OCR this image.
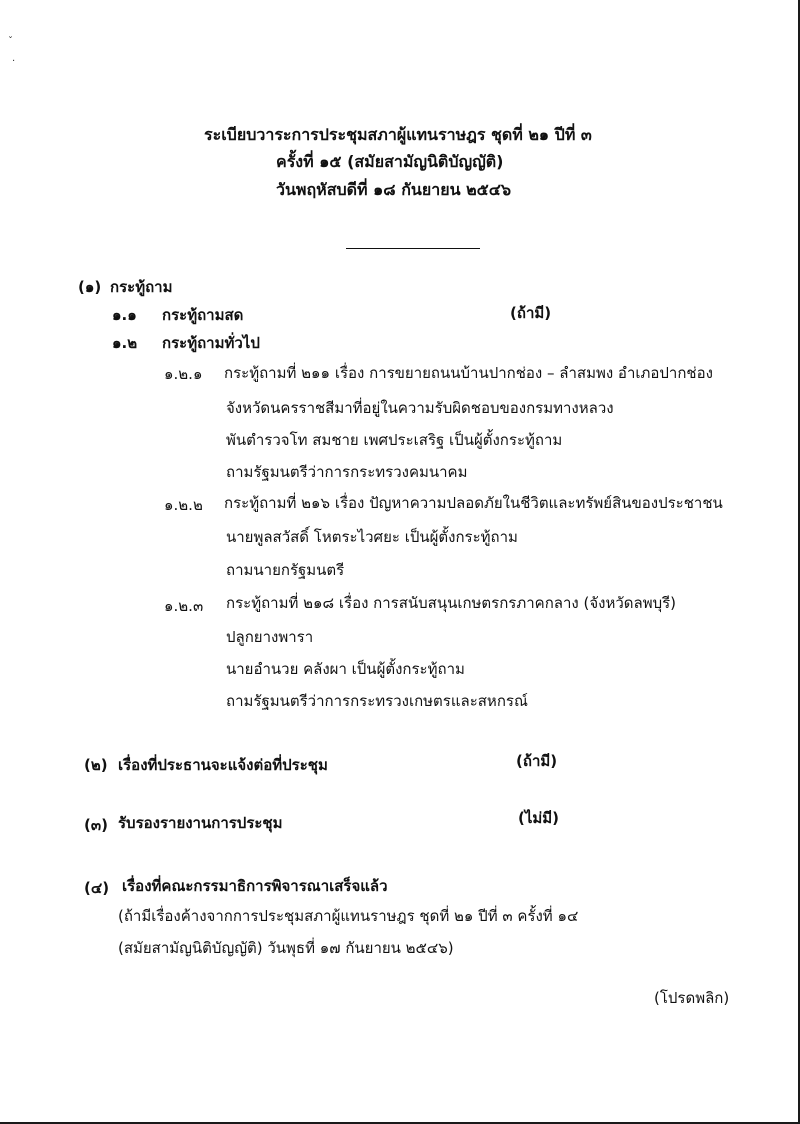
ˇ
·
ระเบียบวาระการประชุมสภาผู้แทนราษฎร ชุดที่ ๒๑ ปีที่ ๓
ครั้งที่ ๑๕ (สมัยสามัญนิติบัญญัติ)
วันพฤหัสบดีที่ ๑๘ กันยายน ๒๕๔๖
(๑) กระทู้ถาม
๑.๑ กระทู้ถามสด	(ถ้ามี)
๑.๒ กระทู้ถามทั่วไป
๑.๒.๑ กระทู้ถามที่ ๒๑๑ เรื่อง การขยายถนนบ้านปากช่อง – ลำสมพง อำเภอปากช่อง
จังหวัดนครราชสีมาที่อยู่ในความรับผิดชอบของกรมทางหลวง
พันตำรวจโท สมชาย เพศประเสริฐ เป็นผู้ตั้งกระทู้ถาม
ถามรัฐมนตรีว่าการกระทรวงคมนาคม
๑.๒.๒ กระทู้ถามที่ ๒๑๖ เรื่อง ปัญหาความปลอดภัยในชีวิตและทรัพย์สินของประชาชน
นายพูลสวัสดิ์ โหตระไวศยะ เป็นผู้ตั้งกระทู้ถาม
ถามนายกรัฐมนตรี
๑.๒.๓ กระทู้ถามที่ ๒๑๘ เรื่อง การสนับสนุนเกษตรกรภาคกลาง (จังหวัดลพบุรี)
ปลูกยางพารา
นายอำนวย คลังผา เป็นผู้ตั้งกระทู้ถาม
ถามรัฐมนตรีว่าการกระทรวงเกษตรและสหกรณ์
(๒) เรื่องที่ประธานจะแจ้งต่อที่ประชุม	(ถ้ามี)
(๓) รับรองรายงานการประชุม	(ไม่มี)
(๔) เรื่องที่คณะกรรมาธิการพิจารณาเสร็จแล้ว
(ถ้ามีเรื่องค้างจากการประชุมสภาผู้แทนราษฎร ชุดที่ ๒๑ ปีที่ ๓ ครั้งที่ ๑๔
(สมัยสามัญนิติบัญญัติ) วันพุธที่ ๑๗ กันยายน ๒๕๔๖)
(โปรดพลิก)
